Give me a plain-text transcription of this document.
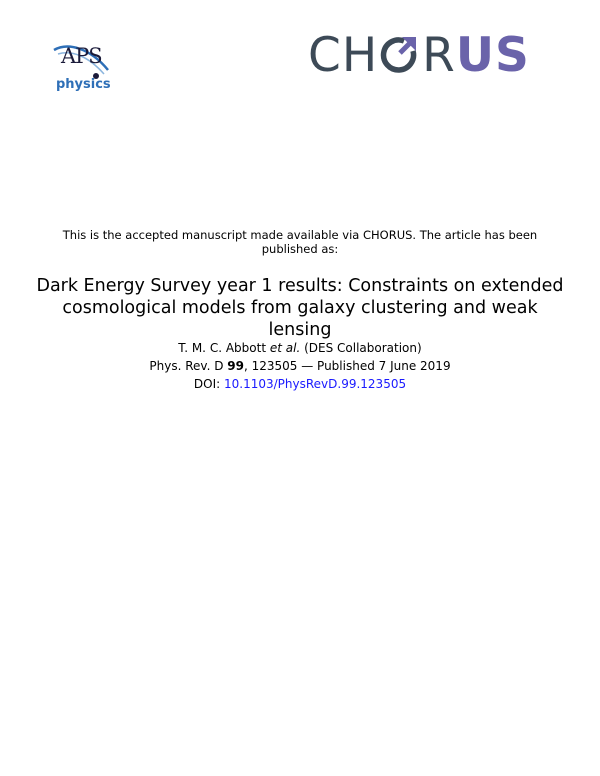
APS
physics
CH RUS
This is the accepted manuscript made available via CHORUS. The article has been published as:
Dark Energy Survey year 1 results: Constraints on extended cosmological models from galaxy clustering and weak lensing
T. M. C. Abbott et al. (DES Collaboration)
Phys. Rev. D 99, 123505 — Published 7 June 2019
DOI: 10.1103/PhysRevD.99.123505
